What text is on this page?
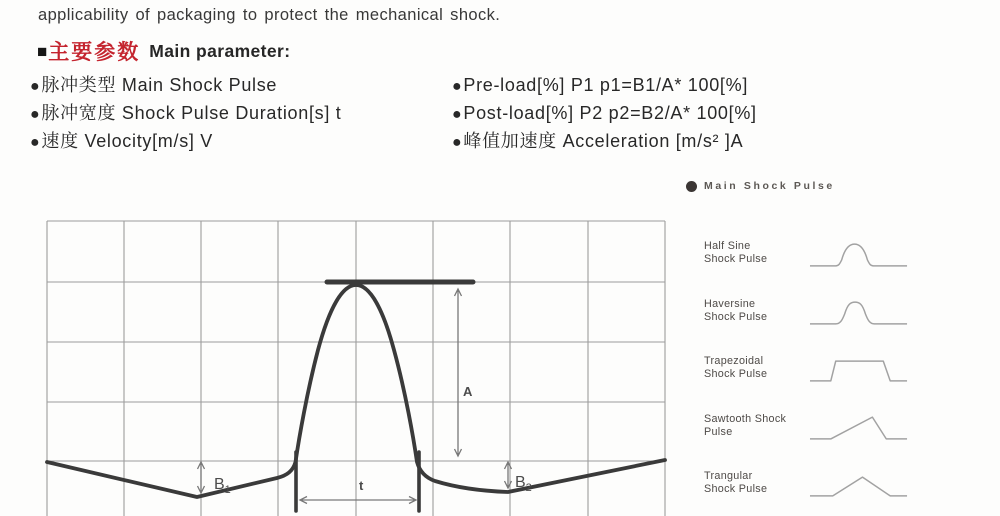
applicability of packaging to protect the mechanical shock.
■ 主要参数 Main parameter:
●脉冲类型 Main Shock Pulse
●脉冲宽度 Shock Pulse Duration[s] t
●速度 Velocity[m/s] V
●Pre-load[%] P1 p1=B1/A* 100[%]
●Post-load[%] P2 p2=B2/A* 100[%]
●峰值加速度 Acceleration [m/s² ]A
A
$B_1$	$B_2$
t
Main Shock Pulse
Half Sine
Shock Pulse
Haversine
Shock Pulse
Trapezoidal
Shock Pulse
Sawtooth Shock
Pulse
Trangular
Shock Pulse
